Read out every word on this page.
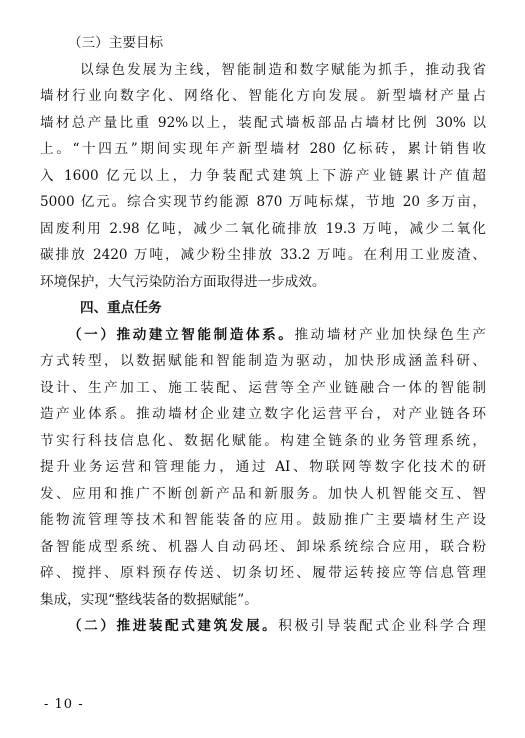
（三）主要目标
以绿色发展为主线，智能制造和数字赋能为抓手，推动我省
墙材行业向数字化、网络化、智能化方向发展。新型墙材产量占
墙材总产量比重 92%以上，装配式墙板部品占墙材比例 30% 以
上。“十四五”期间实现年产新型墙材 280 亿标砖，累计销售收
入 1600 亿元以上，力争装配式建筑上下游产业链累计产值超
5000 亿元。综合实现节约能源 870 万吨标煤，节地 20 多万亩，
固废利用 2.98 亿吨，减少二氧化硫排放 19.3 万吨，减少二氧化
碳排放 2420 万吨，减少粉尘排放 33.2 万吨。在利用工业废渣、
环境保护，大气污染防治方面取得进一步成效。
四、重点任务
（一）推动建立智能制造体系。推动墙材产业加快绿色生产
方式转型，以数据赋能和智能制造为驱动，加快形成涵盖科研、
设计、生产加工、施工装配、运营等全产业链融合一体的智能制
造产业体系。推动墙材企业建立数字化运营平台，对产业链各环
节实行科技信息化、数据化赋能。构建全链条的业务管理系统，
提升业务运营和管理能力，通过 AI、物联网等数字化技术的研
发、应用和推广不断创新产品和新服务。加快人机智能交互、智
能物流管理等技术和智能装备的应用。鼓励推广主要墙材生产设
备智能成型系统、机器人自动码坯、卸垛系统综合应用，联合粉
碎、搅拌、原料预存传送、切条切坯、履带运转接应等信息管理
集成，实现“整线装备的数据赋能”。
（二）推进装配式建筑发展。积极引导装配式企业科学合理
- 10 -
